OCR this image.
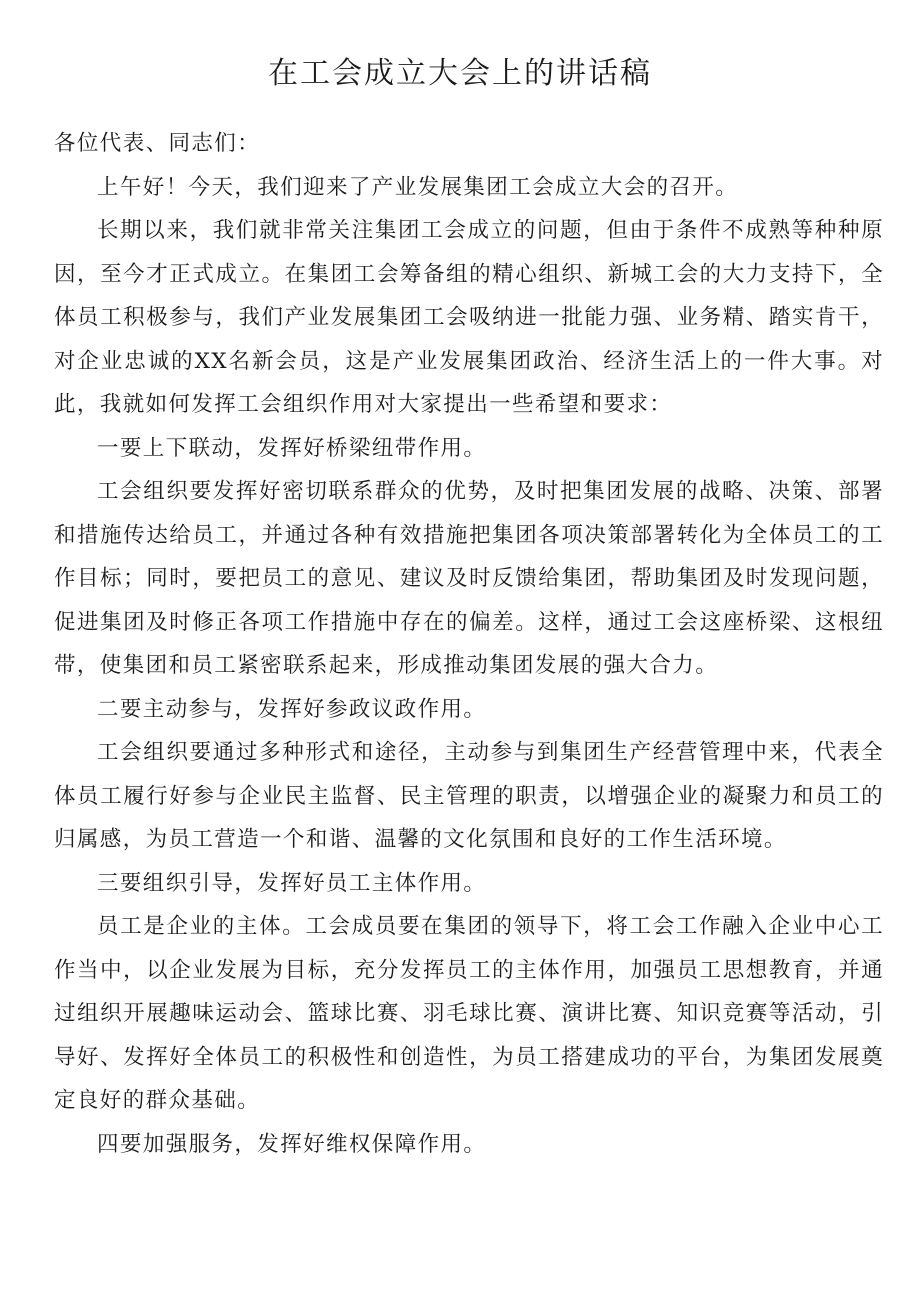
在工会成立大会上的讲话稿

各位代表、同志们：

上午好！今天，我们迎来了产业发展集团工会成立大会的召开。

长期以来，我们就非常关注集团工会成立的问题，但由于条件不成熟等种种原因，至今才正式成立。在集团工会筹备组的精心组织、新城工会的大力支持下，全体员工积极参与，我们产业发展集团工会吸纳进一批能力强、业务精、踏实肯干，对企业忠诚的XX名新会员，这是产业发展集团政治、经济生活上的一件大事。对此，我就如何发挥工会组织作用对大家提出一些希望和要求：

一要上下联动，发挥好桥梁纽带作用。

工会组织要发挥好密切联系群众的优势，及时把集团发展的战略、决策、部署和措施传达给员工，并通过各种有效措施把集团各项决策部署转化为全体员工的工作目标；同时，要把员工的意见、建议及时反馈给集团，帮助集团及时发现问题，促进集团及时修正各项工作措施中存在的偏差。这样，通过工会这座桥梁、这根纽带，使集团和员工紧密联系起来，形成推动集团发展的强大合力。

二要主动参与，发挥好参政议政作用。

工会组织要通过多种形式和途径，主动参与到集团生产经营管理中来，代表全体员工履行好参与企业民主监督、民主管理的职责，以增强企业的凝聚力和员工的归属感，为员工营造一个和谐、温馨的文化氛围和良好的工作生活环境。

三要组织引导，发挥好员工主体作用。

员工是企业的主体。工会成员要在集团的领导下，将工会工作融入企业中心工作当中，以企业发展为目标，充分发挥员工的主体作用，加强员工思想教育，并通过组织开展趣味运动会、篮球比赛、羽毛球比赛、演讲比赛、知识竞赛等活动，引导好、发挥好全体员工的积极性和创造性，为员工搭建成功的平台，为集团发展奠定良好的群众基础。

四要加强服务，发挥好维权保障作用。
